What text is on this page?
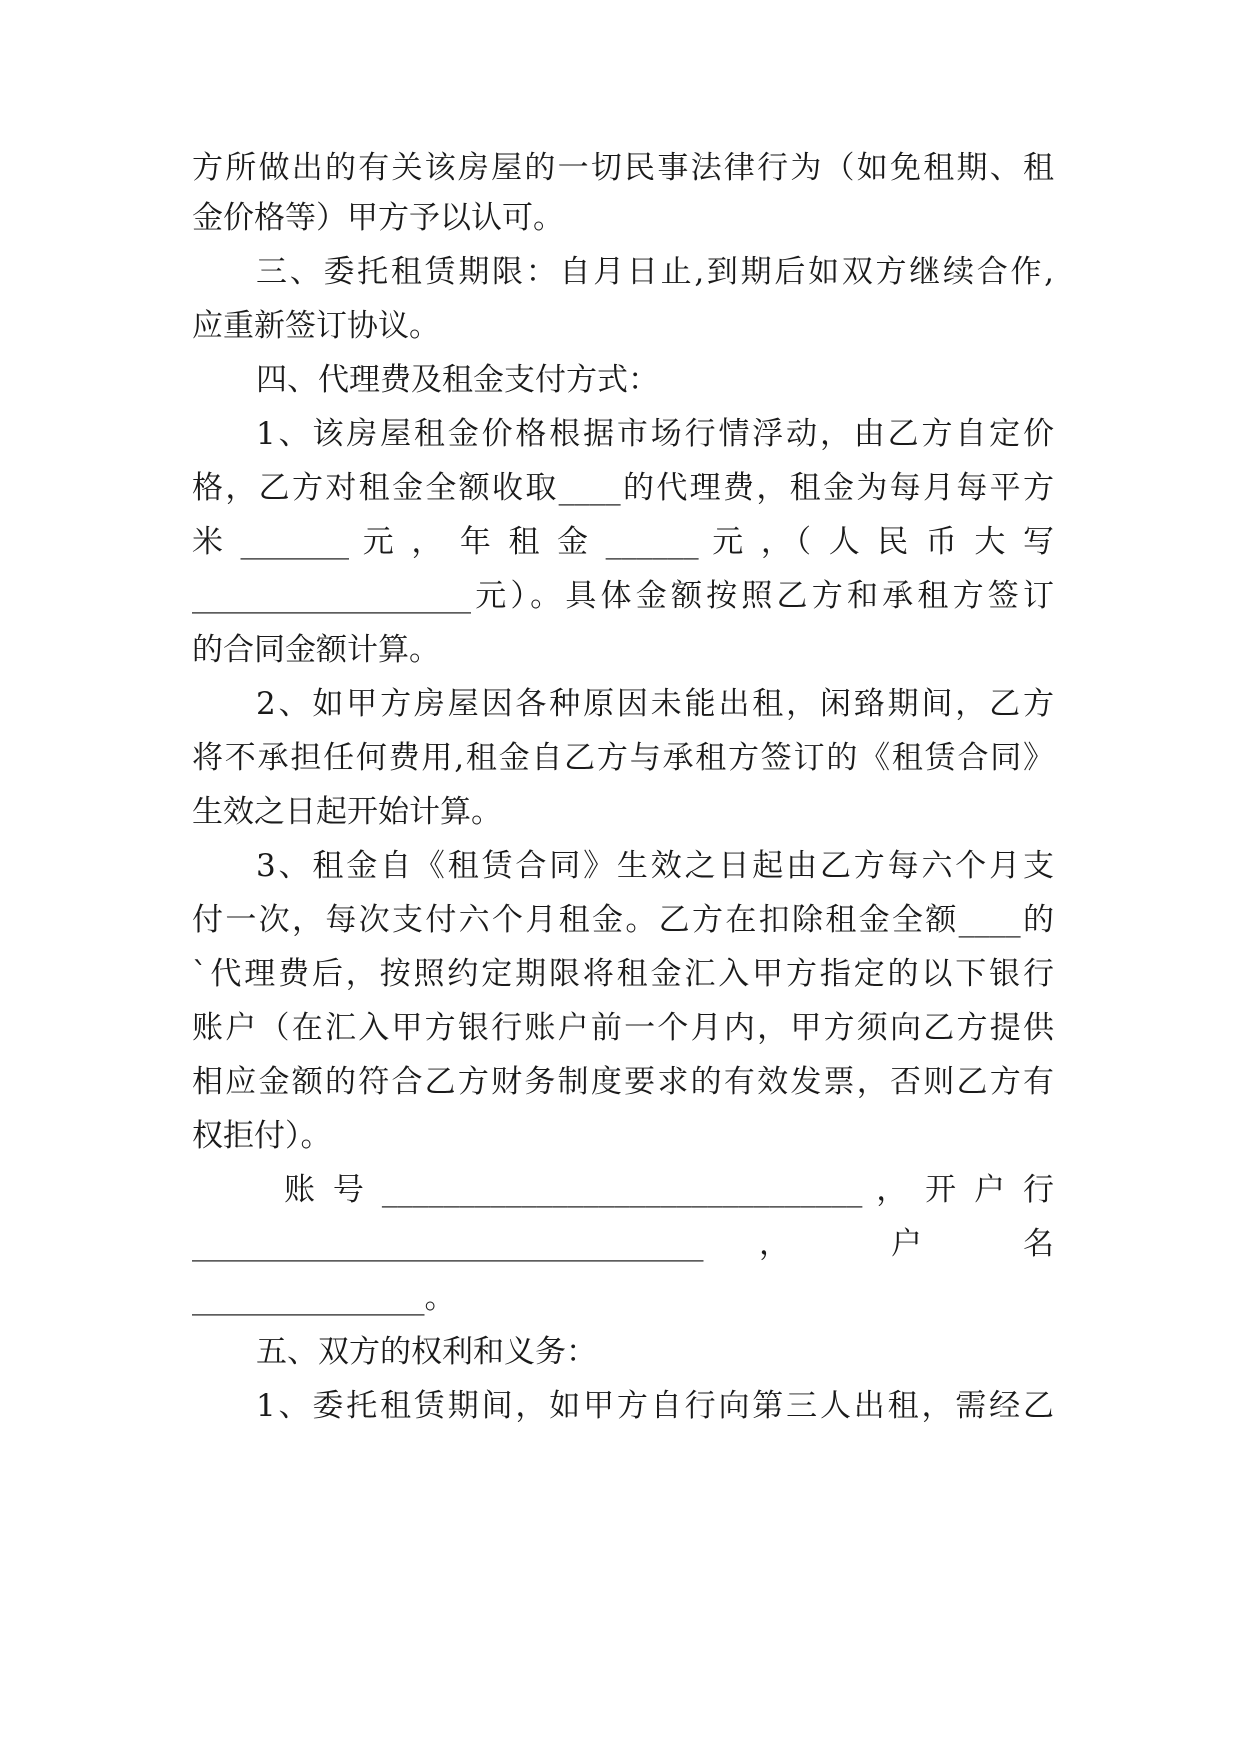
方所做出的有关该房屋的一切民事法律行为（如免租期、租
金价格等）甲方予以认可。
三、委托租赁期限：自月日止,到期后如双方继续合作,
应重新签订协议。
四、代理费及租金支付方式：
1、该房屋租金价格根据市场行情浮动，由乙方自定价
格，乙方对租金全额收取____的代理费，租金为每月每平方
米 _______ 元 ， 年 租 金 ______ 元 ，（ 人 民 币 大 写
__________________元）。具体金额按照乙方和承租方签订
的合同金额计算。
2、如甲方房屋因各种原因未能出租，闲臵期间，乙方
将不承担任何费用,租金自乙方与承租方签订的《租赁合同》
生效之日起开始计算。
3、租金自《租赁合同》生效之日起由乙方每六个月支
付一次，每次支付六个月租金。乙方在扣除租金全额____的
`代理费后，按照约定期限将租金汇入甲方指定的以下银行
账户（在汇入甲方银行账户前一个月内，甲方须向乙方提供
相应金额的符合乙方财务制度要求的有效发票，否则乙方有
权拒付）。
账 号 _______________________________ ， 开 户 行
_________________________________ ， 户 名
_______________。
五、双方的权利和义务：
1、委托租赁期间，如甲方自行向第三人出租，需经乙
